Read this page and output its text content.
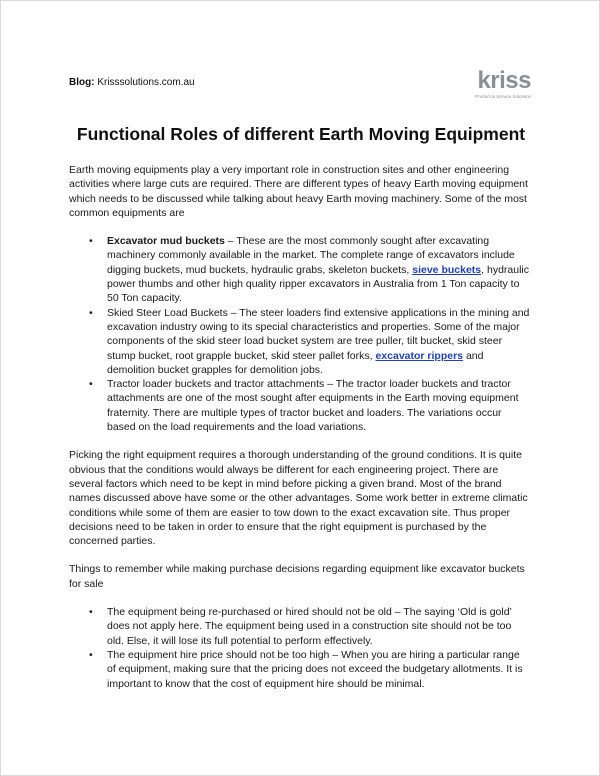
Blog: Krisssolutions.com.au	kriss
Product & Service Solutions
Functional Roles of different Earth Moving Equipment

Earth moving equipments play a very important role in construction sites and other engineering activities where large cuts are required. There are different types of heavy Earth moving equipment which needs to be discussed while talking about heavy Earth moving machinery. Some of the most common equipments are

• Excavator mud buckets – These are the most commonly sought after excavating machinery commonly available in the market. The complete range of excavators include digging buckets, mud buckets, hydraulic grabs, skeleton buckets, sieve buckets, hydraulic power thumbs and other high quality ripper excavators in Australia from 1 Ton capacity to 50 Ton capacity.
• Skied Steer Load Buckets – The steer loaders find extensive applications in the mining and excavation industry owing to its special characteristics and properties. Some of the major components of the skid steer load bucket system are tree puller, tilt bucket, skid steer stump bucket, root grapple bucket, skid steer pallet forks, excavator rippers and demolition bucket grapples for demolition jobs.
• Tractor loader buckets and tractor attachments – The tractor loader buckets and tractor attachments are one of the most sought after equipments in the Earth moving equipment fraternity. There are multiple types of tractor bucket and loaders. The variations occur based on the load requirements and the load variations.

Picking the right equipment requires a thorough understanding of the ground conditions. It is quite obvious that the conditions would always be different for each engineering project. There are several factors which need to be kept in mind before picking a given brand. Most of the brand names discussed above have some or the other advantages. Some work better in extreme climatic conditions while some of them are easier to tow down to the exact excavation site. Thus proper decisions need to be taken in order to ensure that the right equipment is purchased by the concerned parties.

Things to remember while making purchase decisions regarding equipment like excavator buckets for sale

• The equipment being re-purchased or hired should not be old – The saying ‘Old is gold’ does not apply here. The equipment being used in a construction site should not be too old. Else, it will lose its full potential to perform effectively.
• The equipment hire price should not be too high – When you are hiring a particular range of equipment, making sure that the pricing does not exceed the budgetary allotments. It is important to know that the cost of equipment hire should be minimal.
